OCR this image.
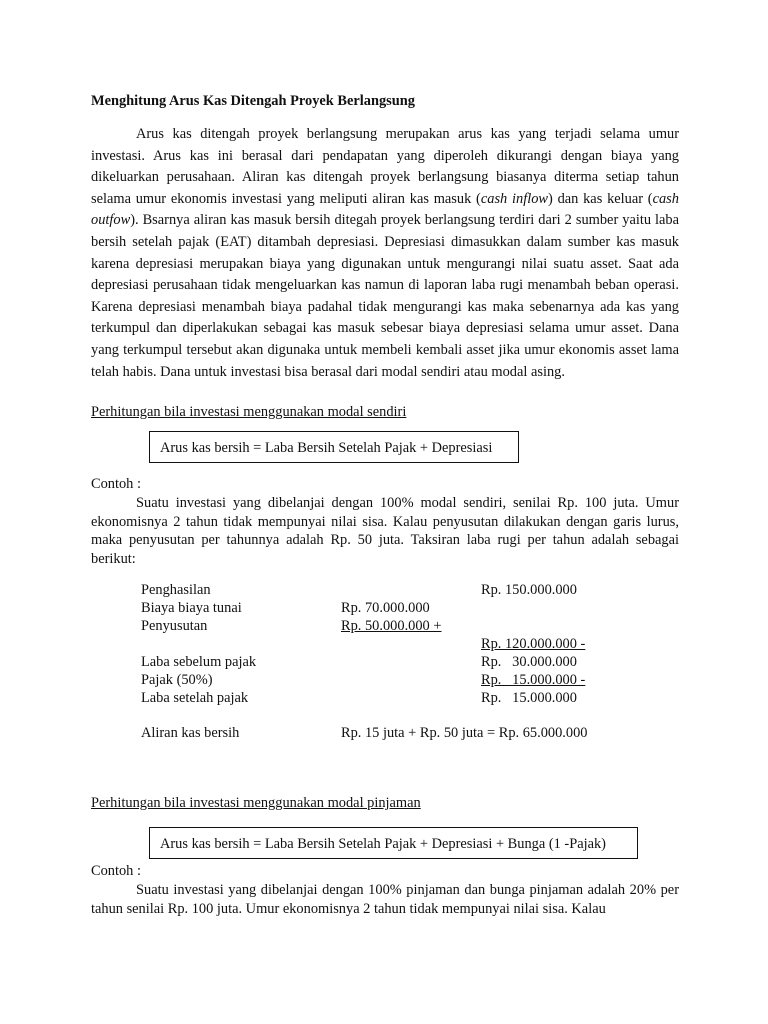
Menghitung Arus Kas Ditengah Proyek Berlangsung

Arus kas ditengah proyek berlangsung merupakan arus kas yang terjadi selama umur investasi. Arus kas ini berasal dari pendapatan yang diperoleh dikurangi dengan biaya yang dikeluarkan perusahaan. Aliran kas ditengah proyek berlangsung biasanya diterma setiap tahun selama umur ekonomis investasi yang meliputi aliran kas masuk (cash inflow) dan kas keluar (cash outfow). Bsarnya aliran kas masuk bersih ditegah proyek berlangsung terdiri dari 2 sumber yaitu laba bersih setelah pajak (EAT) ditambah depresiasi. Depresiasi dimasukkan dalam sumber kas masuk karena depresiasi merupakan biaya yang digunakan untuk mengurangi nilai suatu asset. Saat ada depresiasi perusahaan tidak mengeluarkan kas namun di laporan laba rugi menambah beban operasi. Karena depresiasi menambah biaya padahal tidak mengurangi kas maka sebenarnya ada kas yang terkumpul dan diperlakukan sebagai kas masuk sebesar biaya depresiasi selama umur asset. Dana yang terkumpul tersebut akan digunaka untuk membeli kembali asset jika umur ekonomis asset lama telah habis. Dana untuk investasi bisa berasal dari modal sendiri atau modal asing.

Perhitungan bila investasi menggunakan modal sendiri
Arus kas bersih = Laba Bersih Setelah Pajak + Depresiasi
Contoh :

Suatu investasi yang dibelanjai dengan 100% modal sendiri, senilai Rp. 100 juta. Umur ekonomisnya 2 tahun tidak mempunyai nilai sisa. Kalau penyusutan dilakukan dengan garis lurus, maka penyusutan per tahunnya adalah Rp. 50 juta. Taksiran laba rugi per tahun adalah sebagai berikut:

Penghasilan	Rp. 150.000.000
Biaya biaya tunai	Rp. 70.000.000
Penyusutan	Rp. 50.000.000 +
Rp. 120.000.000 -
Laba sebelum pajak	Rp.   30.000.000
Pajak (50%)	Rp.   15.000.000 -
Laba setelah pajak	Rp.   15.000.000
Aliran kas bersih	Rp. 15 juta + Rp. 50 juta = Rp. 65.000.000
Perhitungan bila investasi menggunakan modal pinjaman
Arus kas bersih = Laba Bersih Setelah Pajak + Depresiasi + Bunga (1 -Pajak)
Contoh :

Suatu investasi yang dibelanjai dengan 100% pinjaman dan bunga pinjaman adalah 20% per tahun senilai Rp. 100 juta. Umur ekonomisnya 2 tahun tidak mempunyai nilai sisa. Kalau
